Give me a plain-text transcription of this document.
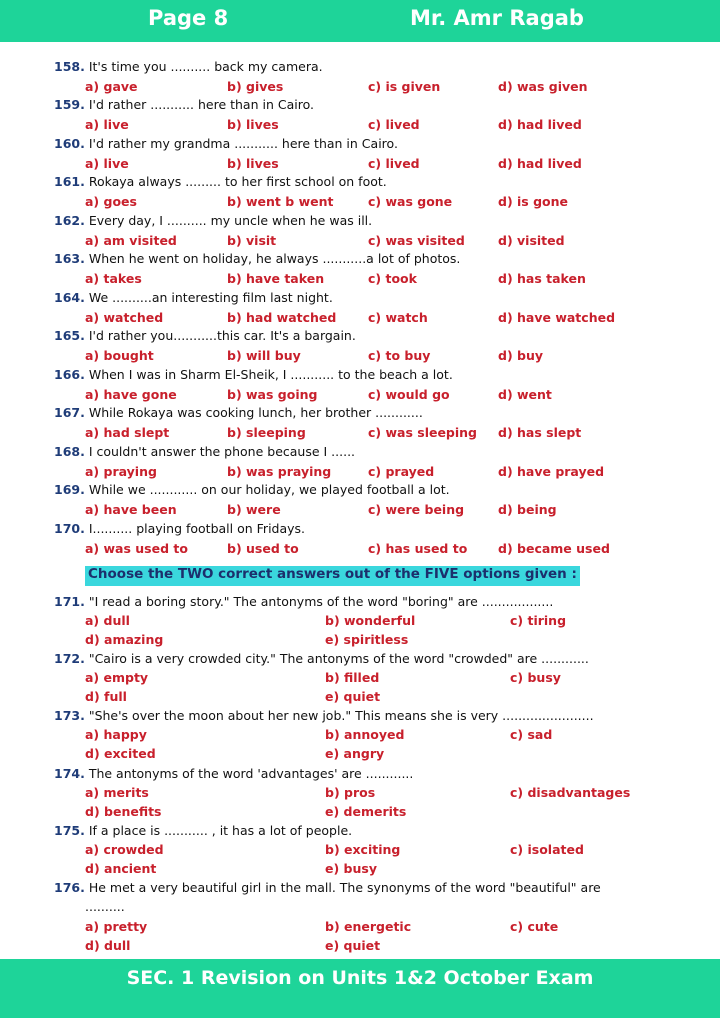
Page 8	Mr. Amr Ragab
158. It's time you .......... back my camera.
a) gave	b) gives	c) is given	d) was given
159. I'd rather ........... here than in Cairo.
a) live	b) lives	c) lived	d) had lived
160. I'd rather my grandma ........... here than in Cairo.
a) live	b) lives	c) lived	d) had lived
161. Rokaya always ......... to her first school on foot.
a) goes	b) went b went	c) was gone	d) is gone
162. Every day, I .......... my uncle when he was ill.
a) am visited	b) visit	c) was visited	d) visited
163. When he went on holiday, he always ...........a lot of photos.
a) takes	b) have taken	c) took	d) has taken
164. We ..........an interesting film last night.
a) watched	b) had watched	c) watch	d) have watched
165. I'd rather you...........this car. It's a bargain.
a) bought	b) will buy	c) to buy	d) buy
166. When I was in Sharm El-Sheik, I ........... to the beach a lot.
a) have gone	b) was going	c) would go	d) went
167. While Rokaya was cooking lunch, her brother ............
a) had slept	b) sleeping	c) was sleeping d) has slept
168. I couldn't answer the phone because I ......
a) praying	b) was praying	c) prayed	d) have prayed
169. While we ............ on our holiday, we played football a lot.
a) have been	b) were	c) were being	d) being
170. I.......... playing football on Fridays.
a) was used to	b) used to	c) has used to d) became used
Choose the TWO correct answers out of the FIVE options given :
171. "I read a boring story." The antonyms of the word "boring" are ..................
a) dull	b) wonderful	c) tiring
d) amazing	e) spiritless
172. "Cairo is a very crowded city." The antonyms of the word "crowded" are ............
a) empty	b) filled	c) busy
d) full	e) quiet
173. "She's over the moon about her new job." This means she is very .......................
a) happy	b) annoyed	c) sad
d) excited	e) angry
174. The antonyms of the word 'advantages' are ............
a) merits	b) pros	c) disadvantages
d) benefits	e) demerits
175. If a place is ........... , it has a lot of people.
a) crowded	b) exciting	c) isolated
d) ancient	e) busy
176. He met a very beautiful girl in the mall. The synonyms of the word "beautiful" are
..........
a) pretty	b) energetic	c) cute
d) dull	e) quiet
SEC. 1 Revision on Units 1&2 October Exam
